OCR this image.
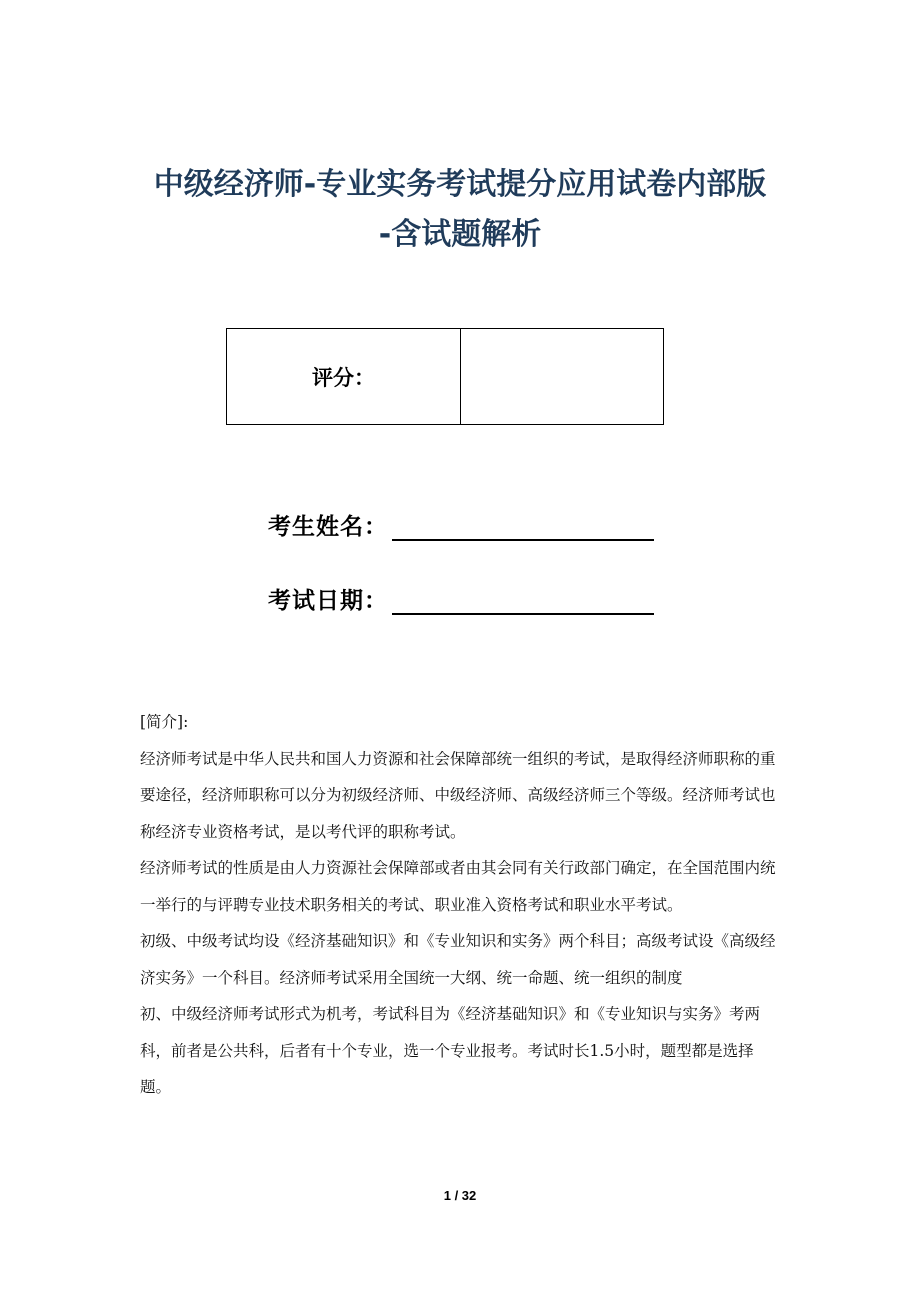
中级经济师-专业实务考试提分应用试卷内部版
-含试题解析
评分：
考生姓名：
考试日期：

[简介]:

经济师考试是中华人民共和国人力资源和社会保障部统一组织的考试，是取得经济师职称的重要途径，经济师职称可以分为初级经济师、中级经济师、高级经济师三个等级。经济师考试也称经济专业资格考试，是以考代评的职称考试。

经济师考试的性质是由人力资源社会保障部或者由其会同有关行政部门确定，在全国范围内统一举行的与评聘专业技术职务相关的考试、职业准入资格考试和职业水平考试。

初级、中级考试均设《经济基础知识》和《专业知识和实务》两个科目；高级考试设《高级经济实务》一个科目。经济师考试采用全国统一大纲、统一命题、统一组织的制度

初、中级经济师考试形式为机考，考试科目为《经济基础知识》和《专业知识与实务》考两科，前者是公共科，后者有十个专业，选一个专业报考。考试时长1.5小时，题型都是选择题。

1 / 32
